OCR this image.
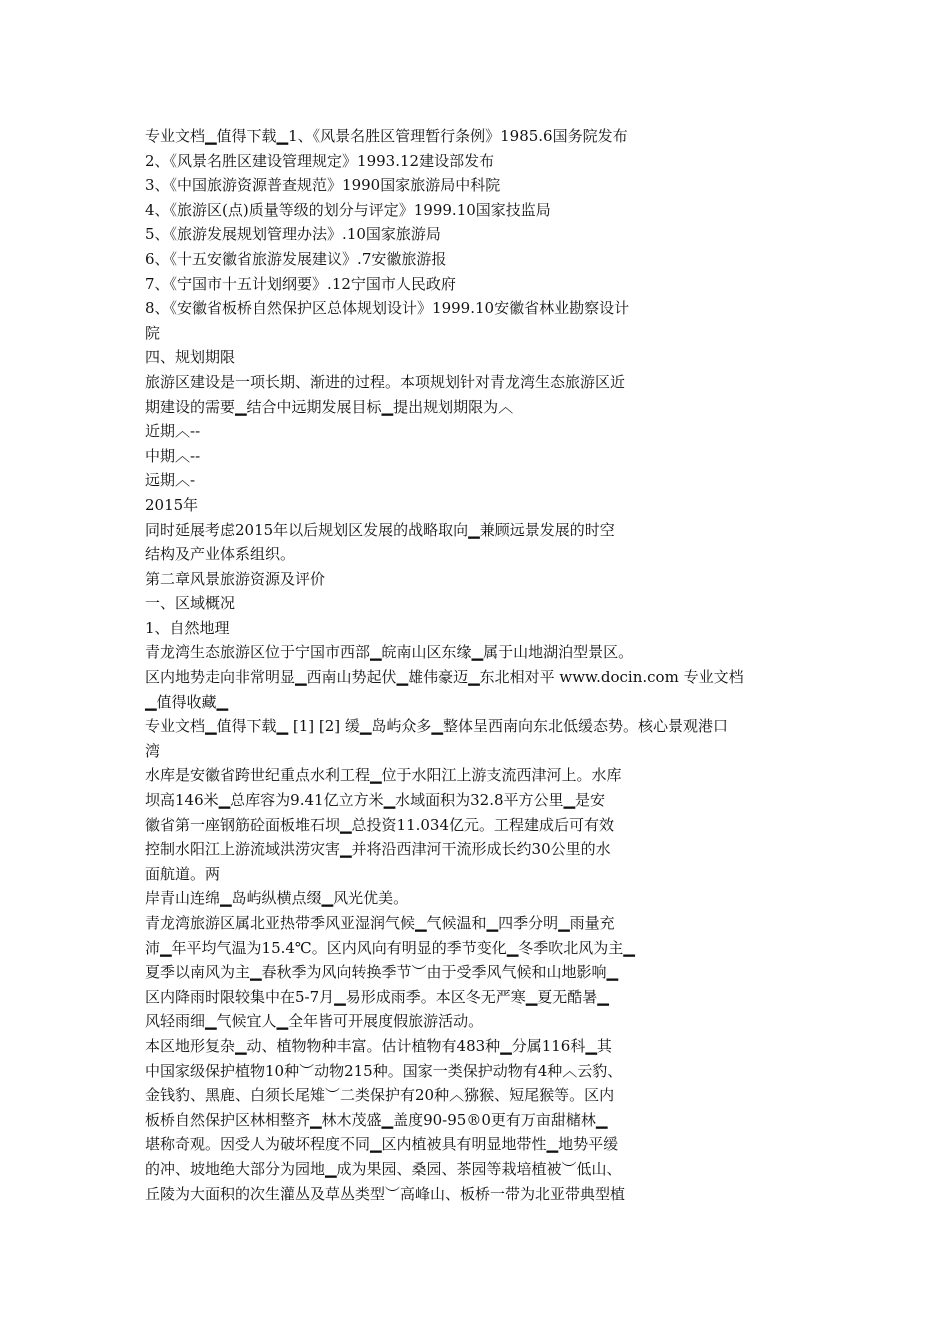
专业文档▁值得下载▁1、《风景名胜区管理暂行条例》1985.6国务院发布
2、《风景名胜区建设管理规定》1993.12建设部发布
3、《中国旅游资源普查规范》1990国家旅游局中科院
4、《旅游区(点)质量等级的划分与评定》1999.10国家技监局
5、《旅游发展规划管理办法》.10国家旅游局
6、《十五安徽省旅游发展建议》.7安徽旅游报
7、《宁国市十五计划纲要》.12宁国市人民政府
8、《安徽省板桥自然保护区总体规划设计》1999.10安徽省林业勘察设计
院
四、规划期限
旅游区建设是一项长期、渐进的过程。本项规划针对青龙湾生态旅游区近
期建设的需要▁结合中远期发展目标▁提出规划期限为︿
近期︿--
中期︿--
远期︿-
2015年
同时延展考虑2015年以后规划区发展的战略取向▁兼顾远景发展的时空
结构及产业体系组织。
第二章风景旅游资源及评价
一、区域概况
1、自然地理
青龙湾生态旅游区位于宁国市西部▁皖南山区东缘▁属于山地湖泊型景区。
区内地势走向非常明显▁西南山势起伏▁雄伟豪迈▁东北相对平 www.docin.com 专业文档
▁值得收藏▁
专业文档▁值得下载▁ [1] [2] 缓▁岛屿众多▁整体呈西南向东北低缓态势。核心景观港口
湾
水库是安徽省跨世纪重点水利工程▁位于水阳江上游支流西津河上。水库
坝高146米▁总库容为9.41亿立方米▁水域面积为32.8平方公里▁是安
徽省第一座钢筋砼面板堆石坝▁总投资11.034亿元。工程建成后可有效
控制水阳江上游流域洪涝灾害▁并将沿西津河干流形成长约30公里的水
面航道。两
岸青山连绵▁岛屿纵横点缀▁风光优美。
青龙湾旅游区属北亚热带季风亚湿润气候▁气候温和▁四季分明▁雨量充
沛▁年平均气温为15.4℃。区内风向有明显的季节变化▁冬季吹北风为主▁
夏季以南风为主▁春秋季为风向转换季节︶由于受季风气候和山地影响▁
区内降雨时限较集中在5-7月▁易形成雨季。本区冬无严寒▁夏无酷暑▁
风轻雨细▁气候宜人▁全年皆可开展度假旅游活动。
本区地形复杂▁动、植物物种丰富。估计植物有483种▁分属116科▁其
中国家级保护植物10种︶动物215种。国家一类保护动物有4种︿云豹、
金钱豹、黑鹿、白须长尾雉︶二类保护有20种︿猕猴、短尾猴等。区内
板桥自然保护区林相整齐▁林木茂盛▁盖度90-95®0更有万亩甜槠林▁
堪称奇观。因受人为破坏程度不同▁区内植被具有明显地带性▁地势平缓
的冲、坡地绝大部分为园地▁成为果园、桑园、茶园等栽培植被︶低山、
丘陵为大面积的次生灌丛及草丛类型︶高峰山、板桥一带为北亚带典型植
